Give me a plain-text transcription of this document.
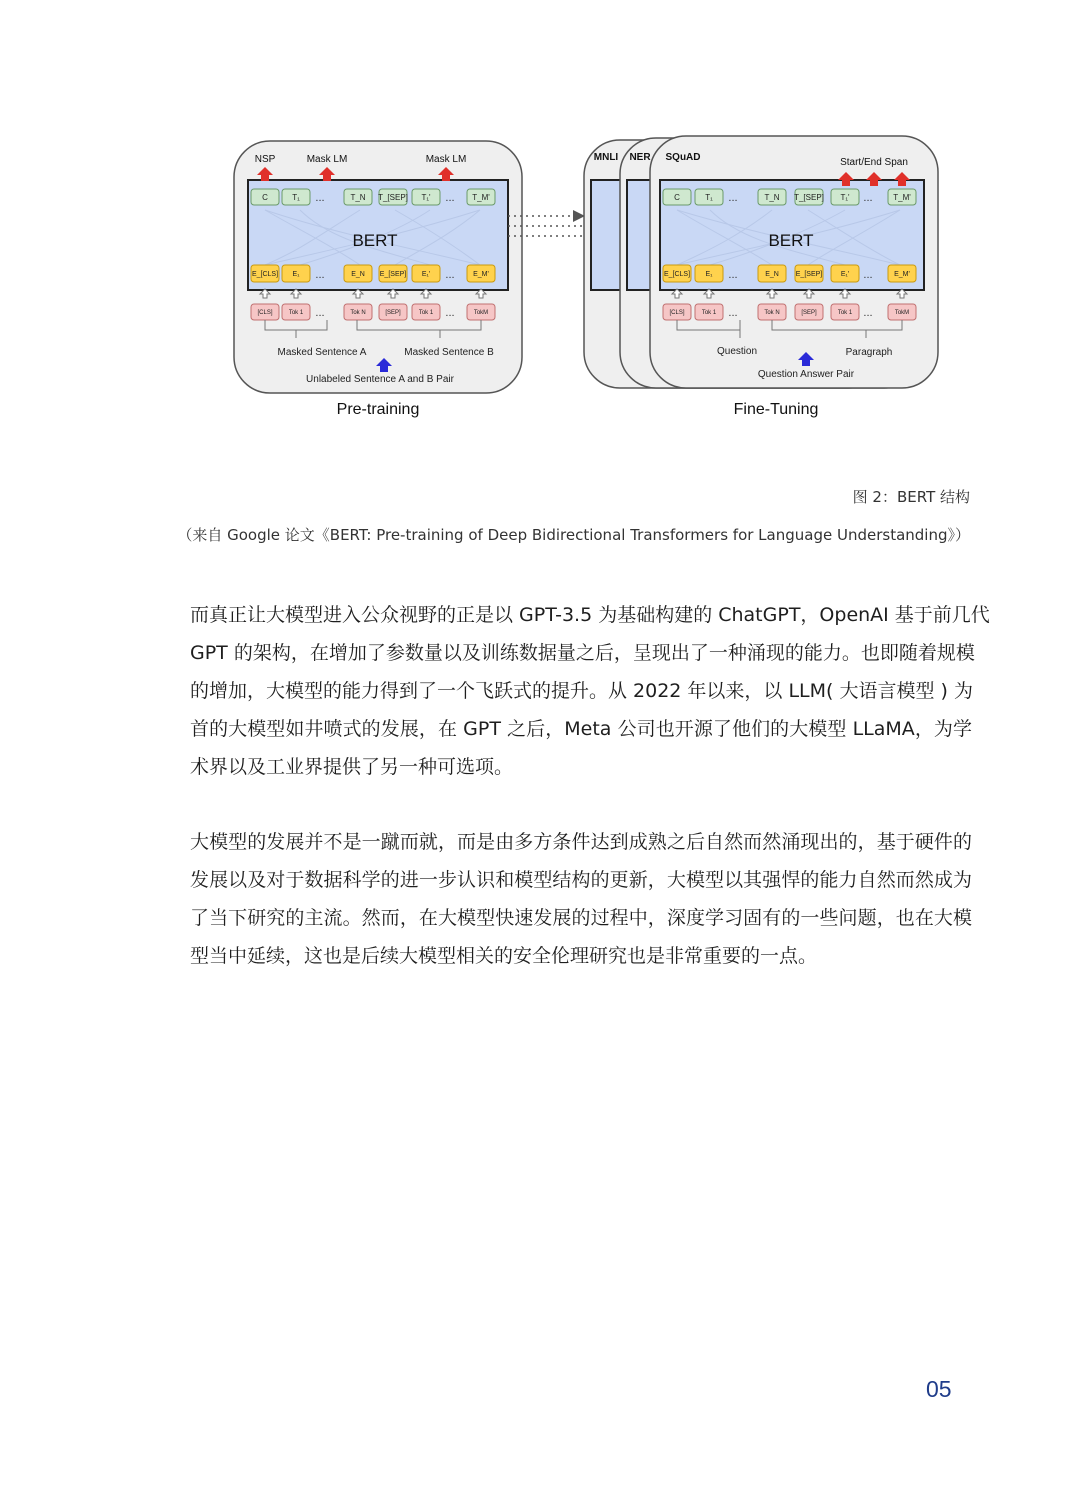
BERT
NSP	Mask LM	Mask LM
C	T₁ ...	T_N T_[SEP] T₁' ... T_M'
E_[CLS] E₁ ...	E_N E_[SEP] E₁' ...	E_M'
[CLS]	Tok 1 ...	Tok N	[SEP]	Tok 1 ...	TokM
Masked Sentence A	Masked Sentence B
Unlabeled Sentence A and B Pair
Pre-training
MNLI NER SQuAD	Start/End Span
BERT
C	T₁ ...	T_N T_[SEP] T₁' ...	T_M'
E_[CLS] E₁ ...	E_N E_[SEP]	E₁' ...	E_M'
[CLS]	Tok 1 ...	Tok N	[SEP]	Tok 1 ...	TokM
Question	Paragraph
Question Answer Pair
Fine-Tuning
图 2：BERT 结构
（来自 Google 论文《BERT: Pre-training of Deep Bidirectional Transformers for Language Understanding》）
而真正让大模型进入公众视野的正是以 GPT-3.5 为基础构建的 ChatGPT，OpenAI 基于前几代
GPT 的架构，在增加了参数量以及训练数据量之后，呈现出了一种涌现的能力。也即随着规模
的增加，大模型的能力得到了一个飞跃式的提升。从 2022 年以来，以 LLM( 大语言模型 ) 为
首的大模型如井喷式的发展，在 GPT 之后，Meta 公司也开源了他们的大模型 LLaMA，为学
术界以及工业界提供了另一种可选项。
大模型的发展并不是一蹴而就，而是由多方条件达到成熟之后自然而然涌现出的，基于硬件的
发展以及对于数据科学的进一步认识和模型结构的更新，大模型以其强悍的能力自然而然成为
了当下研究的主流。然而，在大模型快速发展的过程中，深度学习固有的一些问题，也在大模
型当中延续，这也是后续大模型相关的安全伦理研究也是非常重要的一点。
05
